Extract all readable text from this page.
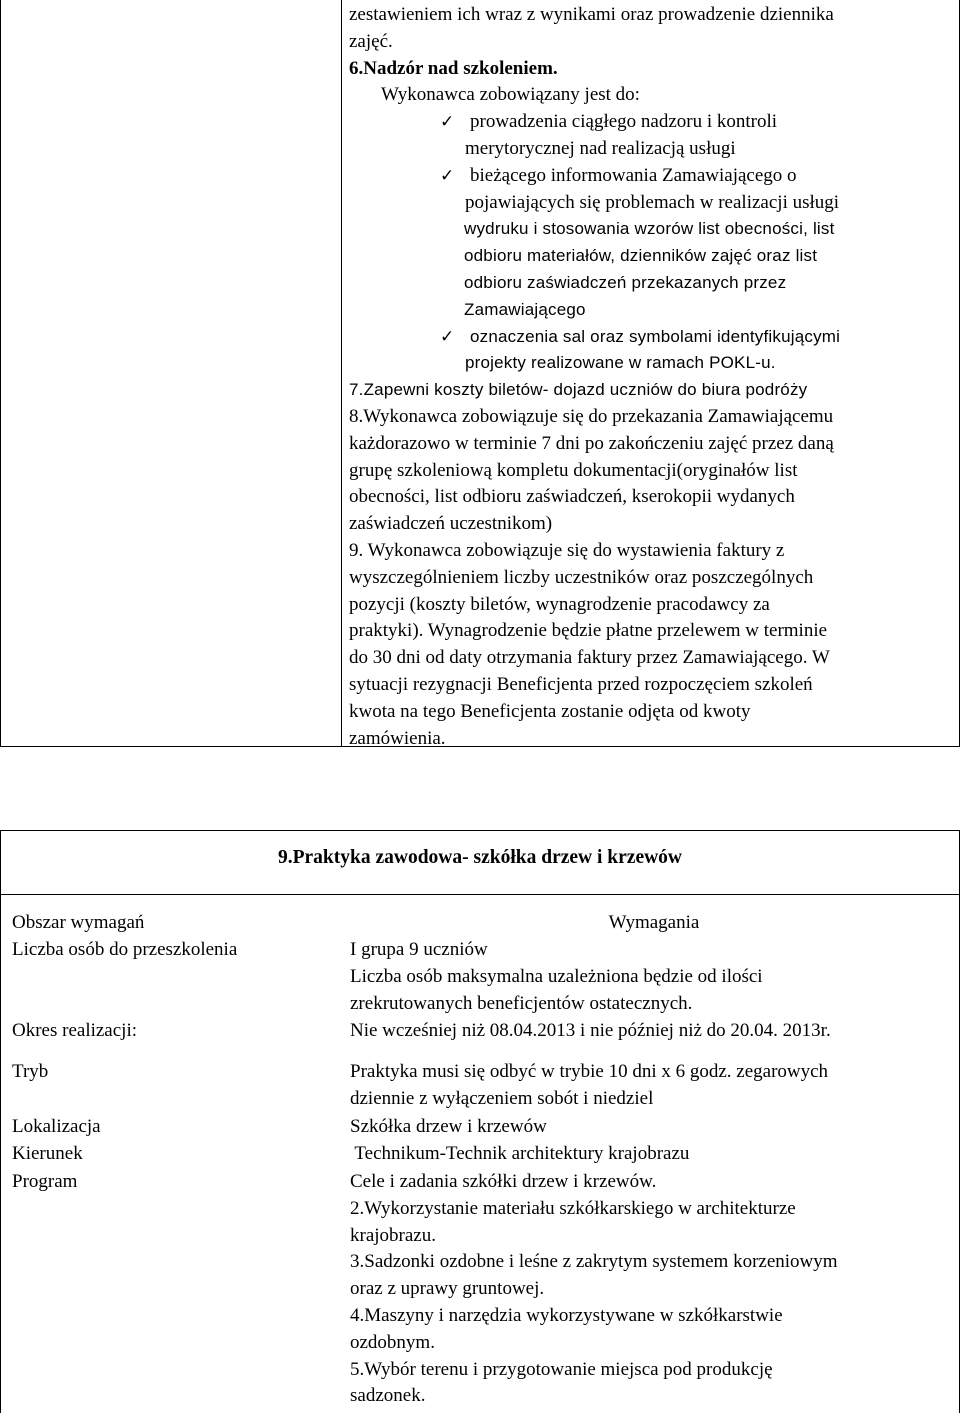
zestawieniem ich wraz z wynikami oraz prowadzenie dziennika
zajęć.
6.Nadzór nad szkoleniem.
Wykonawca zobowiązany jest do:
✓ prowadzenia ciągłego nadzoru i kontroli
merytorycznej nad realizacją usługi
✓ bieżącego informowania Zamawiającego o
pojawiających się problemach w realizacji usługi
wydruku i stosowania wzorów list obecności, list
odbioru materiałów, dzienników zajęć oraz list
odbioru zaświadczeń przekazanych przez
Zamawiającego
✓ oznaczenia sal oraz symbolami identyfikującymi
projekty realizowane w ramach POKL-u.
7.Zapewni koszty biletów- dojazd uczniów do biura podróży
8.Wykonawca zobowiązuje się do przekazania Zamawiającemu
każdorazowo w terminie 7 dni po zakończeniu zajęć przez daną
grupę szkoleniową kompletu dokumentacji(oryginałów list
obecności, list odbioru zaświadczeń, kserokopii wydanych
zaświadczeń uczestnikom)
9. Wykonawca zobowiązuje się do wystawienia faktury z
wyszczególnieniem liczby uczestników oraz poszczególnych
pozycji (koszty biletów, wynagrodzenie pracodawcy za
praktyki). Wynagrodzenie będzie płatne przelewem w terminie
do 30 dni od daty otrzymania faktury przez Zamawiającego. W
sytuacji rezygnacji Beneficjenta przed rozpoczęciem szkoleń
kwota na tego Beneficjenta zostanie odjęta od kwoty
zamówienia.
9.Praktyka zawodowa- szkółka drzew i krzewów
Obszar wymagań	Wymagania
Liczba osób do przeszkolenia	I grupa 9 uczniów
Liczba osób maksymalna uzależniona będzie od ilości
zrekrutowanych beneficjentów ostatecznych.
Okres realizacji:	Nie wcześniej niż 08.04.2013 i nie później niż do 20.04. 2013r.
Tryb	Praktyka musi się odbyć w trybie 10 dni x 6 godz. zegarowych
dziennie z wyłączeniem sobót i niedziel
Lokalizacja	Szkółka drzew i krzewów
Kierunek	Technikum-Technik architektury krajobrazu
Program	Cele i zadania szkółki drzew i krzewów.
2.Wykorzystanie materiału szkółkarskiego w architekturze
krajobrazu.
3.Sadzonki ozdobne i leśne z zakrytym systemem korzeniowym
oraz z uprawy gruntowej.
4.Maszyny i narzędzia wykorzystywane w szkółkarstwie
ozdobnym.
5.Wybór terenu i przygotowanie miejsca pod produkcję
sadzonek.
